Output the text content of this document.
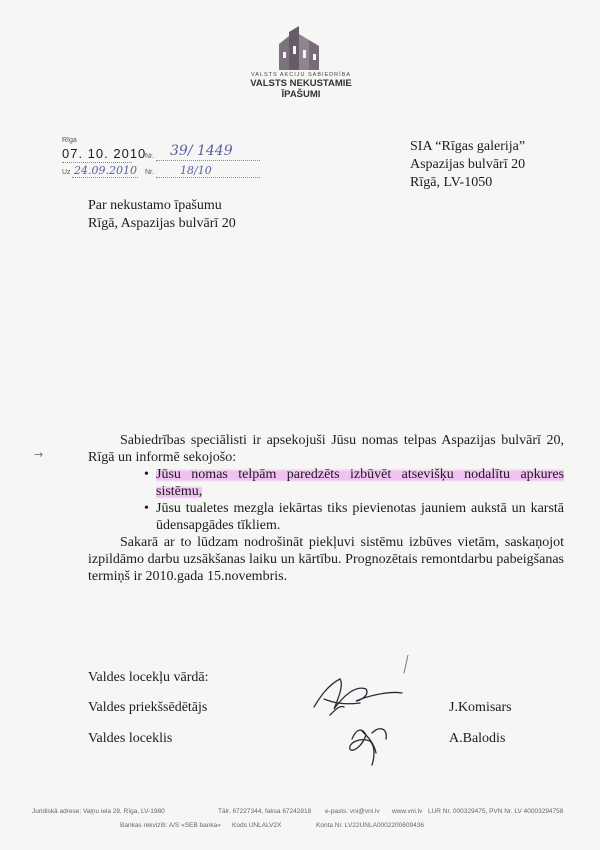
VALSTS AKCIJU SABIEDRĪBA
VALSTS NEKUSTAMIE
ĪPAŠUMI
Rīga
07. 10. 2010
Nr. 39/ 1449
Uz 24.09.2010 Nr. 18/10
SIA “Rīgas galerija”
Aspazijas bulvārī 20
Rīgā, LV-1050
Par nekustamo īpašumu
Rīgā, Aspazijas bulvārī 20
→

Sabiedrības speciālisti ir apsekojuši Jūsu nomas telpas Aspazijas bulvārī 20, Rīgā un informē sekojošo:

• Jūsu nomas telpām paredzēts izbūvēt atsevišķu nodalītu apkures sistēmu,
• Jūsu tualetes mezgla iekārtas tiks pievienotas jauniem aukstā un karstā ūdensapgādes tīkliem.

Sakarā ar to lūdzam nodrošināt piekļuvi sistēmu izbūves vietām, saskaņojot izpildāmo darbu uzsākšanas laiku un kārtību. Prognozētais remontdarbu pabeigšanas termiņš ir 2010.gada 15.novembris.

Valdes locekļu vārdā:
Valdes priekšsēdētājs	J.Komisars
Valdes loceklis	A.Balodis
Juridiskā adrese: Vaļņu iela 28, Rīga, LV-1980	Tālr. 67227344, faksa 67242818 e-pasts: vni@vni.lv www.vni.lv LUR Nr. 000329475, PVN Nr. LV 40003294758
Bankas rekvizīti: A/S «SEB banka» Kods UNLALV2X	Konta Nr. LV22UNLA0002200609436
